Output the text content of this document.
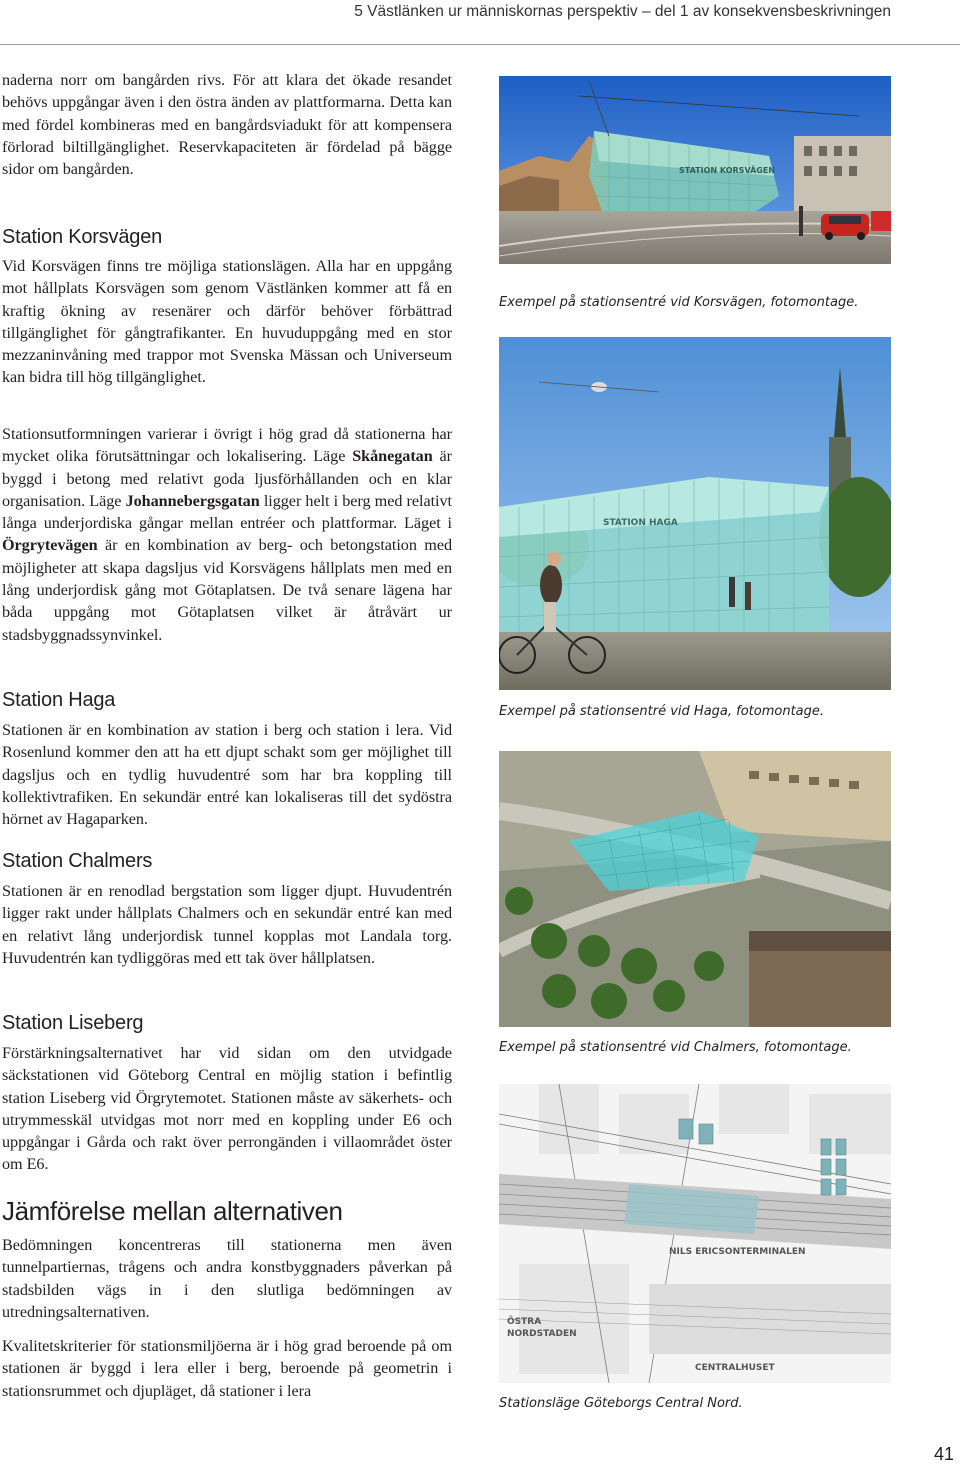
5 Västlänken ur människornas perspektiv – del 1 av konsekvensbeskrivningen

naderna norr om bangården rivs. För att klara det ökade resandet behövs uppgångar även i den östra änden av plattformarna. Detta kan med fördel kombineras med en bangårdsviadukt för att kompensera förlorad biltillgänglighet. Reservkapaciteten är fördelad på bägge sidor om bangården.

Station Korsvägen

Vid Korsvägen finns tre möjliga stationslägen. Alla har en uppgång mot hållplats Korsvägen som genom Västlänken kommer att få en kraftig ökning av resenärer och därför behöver förbättrad tillgänglighet för gångtrafikanter. En huvuduppgång med en stor mezzaninvåning med trappor mot Svenska Mässan och Universeum kan bidra till hög tillgänglighet.

Stationsutformningen varierar i övrigt i hög grad då stationerna har mycket olika förutsättningar och lokalisering. Läge Skånegatan är byggd i betong med relativt goda ljusförhållanden och en klar organisation. Läge Johannebergsgatan ligger helt i berg med relativt långa underjordiska gångar mellan entréer och plattformar. Läget i Örgrytevägen är en kombination av berg- och betongstation med möjligheter att skapa dagsljus vid Korsvägens hållplats men med en lång underjordisk gång mot Götaplatsen. De två senare lägena har båda uppgång mot Götaplatsen vilket är åtråvärt ur stadsbyggnadssynvinkel.

Station Haga

Stationen är en kombination av station i berg och station i lera. Vid Rosenlund kommer den att ha ett djupt schakt som ger möjlighet till dagsljus och en tydlig huvudentré som har bra koppling till kollektivtrafiken. En sekundär entré kan lokaliseras till det sydöstra hörnet av Hagaparken.

Station Chalmers

Stationen är en renodlad bergstation som ligger djupt. Huvudentrén ligger rakt under hållplats Chalmers och en sekundär entré kan med en relativt lång underjordisk tunnel kopplas mot Landala torg. Huvudentrén kan tydliggöras med ett tak över hållplatsen.

Station Liseberg

Förstärkningsalternativet har vid sidan om den utvidgade säckstationen vid Göteborg Central en möjlig station i befintlig station Liseberg vid Örgrytemotet. Stationen måste av säkerhets- och utrymmesskäl utvidgas mot norr med en koppling under E6 och uppgångar i Gårda och rakt över perrongänden i villaområdet öster om E6.

Jämförelse mellan alternativen

Bedömningen koncentreras till stationerna men även tunnelpartiernas, trågens och andra konstbyggnaders påverkan på stadsbilden vägs in i den slutliga bedömningen av utredningsalternativen.

Kvalitetskriterier för stationsmiljöerna är i hög grad beroende på om stationen är byggd i lera eller i berg, beroende på geometrin i stationsrummet och djupläget, då stationer i lera

STATION KORSVÄGEN
Exempel på stationsentré vid Korsvägen, fotomontage.
STATION HAGA
Exempel på stationsentré vid Haga, fotomontage.
Exempel på stationsentré vid Chalmers, fotomontage.
NILS ERICSONTERMINALEN
ÖSTRA
NORDSTADEN
CENTRALHUSET
Stationsläge Göteborgs Central Nord.
41
